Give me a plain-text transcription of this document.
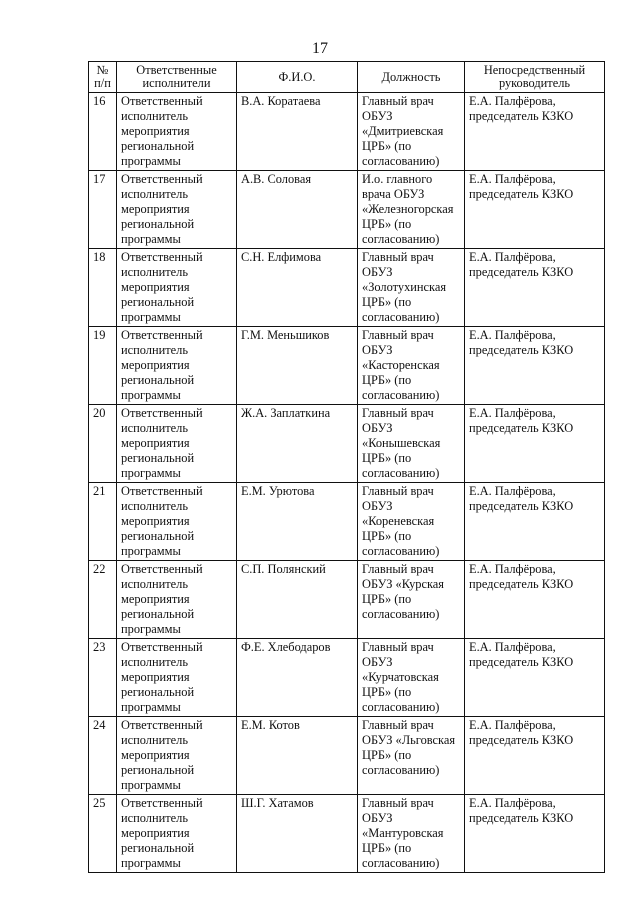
17
№
п/п	Ответственные
исполнители	Ф.И.О.	Должность	Непосредственный
руководитель

16	Ответственный
исполнитель
мероприятия
региональной
программы	В.А. Коратаева	Главный врач
ОБУЗ
«Дмитриевская
ЦРБ» (по
согласованию)	Е.А. Палфёрова,
председатель КЗКО

17	Ответственный
исполнитель
мероприятия
региональной
программы	А.В. Соловая	И.о. главного
врача ОБУЗ
«Железногорская
ЦРБ» (по
согласованию)	Е.А. Палфёрова,
председатель КЗКО

18	Ответственный
исполнитель
мероприятия
региональной
программы	С.Н. Елфимова	Главный врач
ОБУЗ
«Золотухинская
ЦРБ» (по
согласованию)	Е.А. Палфёрова,
председатель КЗКО

19	Ответственный
исполнитель
мероприятия
региональной
программы	Г.М. Меньшиков	Главный врач
ОБУЗ
«Касторенская
ЦРБ» (по
согласованию)	Е.А. Палфёрова,
председатель КЗКО

20	Ответственный
исполнитель
мероприятия
региональной
программы	Ж.А. Заплаткина	Главный врач
ОБУЗ
«Конышевская
ЦРБ» (по
согласованию)	Е.А. Палфёрова,
председатель КЗКО

21	Ответственный
исполнитель
мероприятия
региональной
программы	Е.М. Урютова	Главный врач
ОБУЗ
«Кореневская
ЦРБ» (по
согласованию)	Е.А. Палфёрова,
председатель КЗКО

22	Ответственный
исполнитель
мероприятия
региональной
программы	С.П. Полянский	Главный врач
ОБУЗ «Курская
ЦРБ» (по
согласованию)	Е.А. Палфёрова,
председатель КЗКО

23	Ответственный
исполнитель
мероприятия
региональной
программы	Ф.Е. Хлебодаров	Главный врач
ОБУЗ
«Курчатовская
ЦРБ» (по
согласованию)	Е.А. Палфёрова,
председатель КЗКО

24	Ответственный
исполнитель
мероприятия
региональной
программы	Е.М. Котов	Главный врач
ОБУЗ «Льговская
ЦРБ» (по
согласованию)	Е.А. Палфёрова,
председатель КЗКО

25	Ответственный
исполнитель
мероприятия
региональной
программы	Ш.Г. Хатамов	Главный врач
ОБУЗ
«Мантуровская
ЦРБ» (по
согласованию)	Е.А. Палфёрова,
председатель КЗКО
